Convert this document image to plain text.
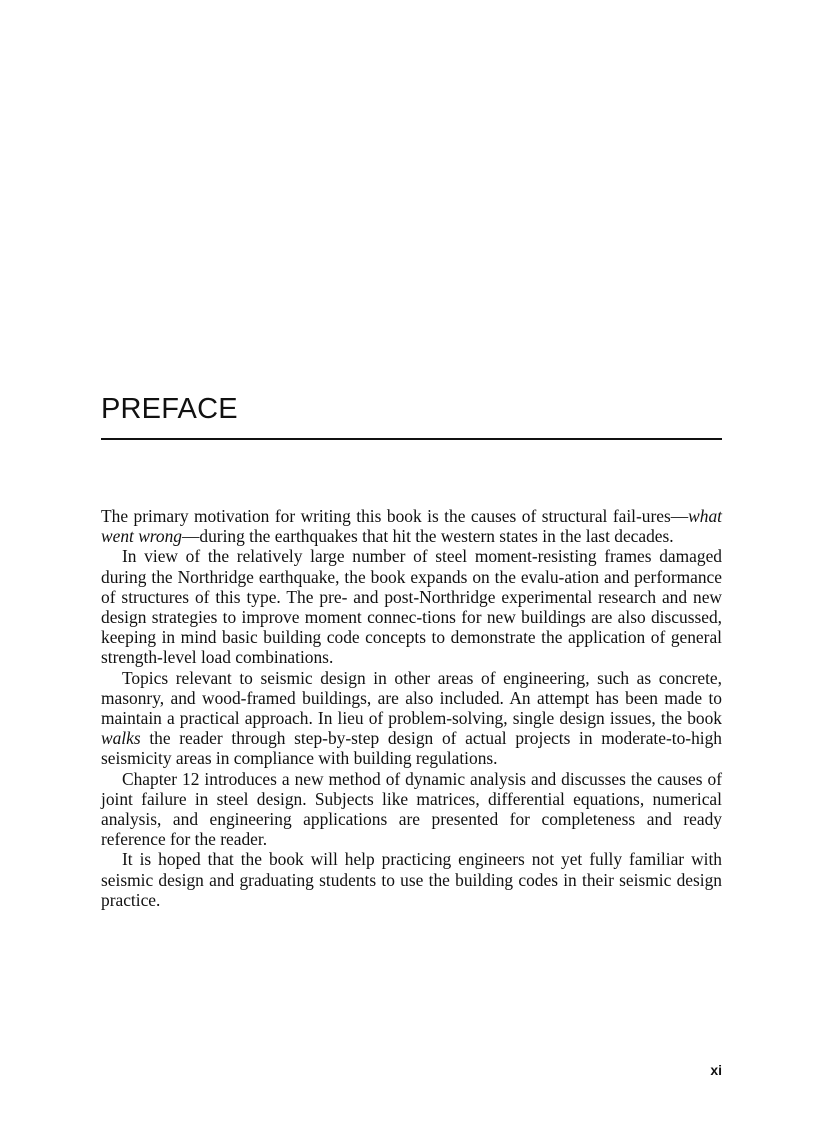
PREFACE

The primary motivation for writing this book is the causes of structural fail-ures—what went wrong—during the earthquakes that hit the western states in the last decades.

In view of the relatively large number of steel moment-resisting frames damaged during the Northridge earthquake, the book expands on the evalu-ation and performance of structures of this type. The pre- and post-Northridge experimental research and new design strategies to improve moment connec-tions for new buildings are also discussed, keeping in mind basic building code concepts to demonstrate the application of general strength-level load combinations.

Topics relevant to seismic design in other areas of engineering, such as concrete, masonry, and wood-framed buildings, are also included. An attempt has been made to maintain a practical approach. In lieu of problem-solving, single design issues, the book walks the reader through step-by-step design of actual projects in moderate-to-high seismicity areas in compliance with building regulations.

Chapter 12 introduces a new method of dynamic analysis and discusses the causes of joint failure in steel design. Subjects like matrices, differential equations, numerical analysis, and engineering applications are presented for completeness and ready reference for the reader.

It is hoped that the book will help practicing engineers not yet fully familiar with seismic design and graduating students to use the building codes in their seismic design practice.

xi
